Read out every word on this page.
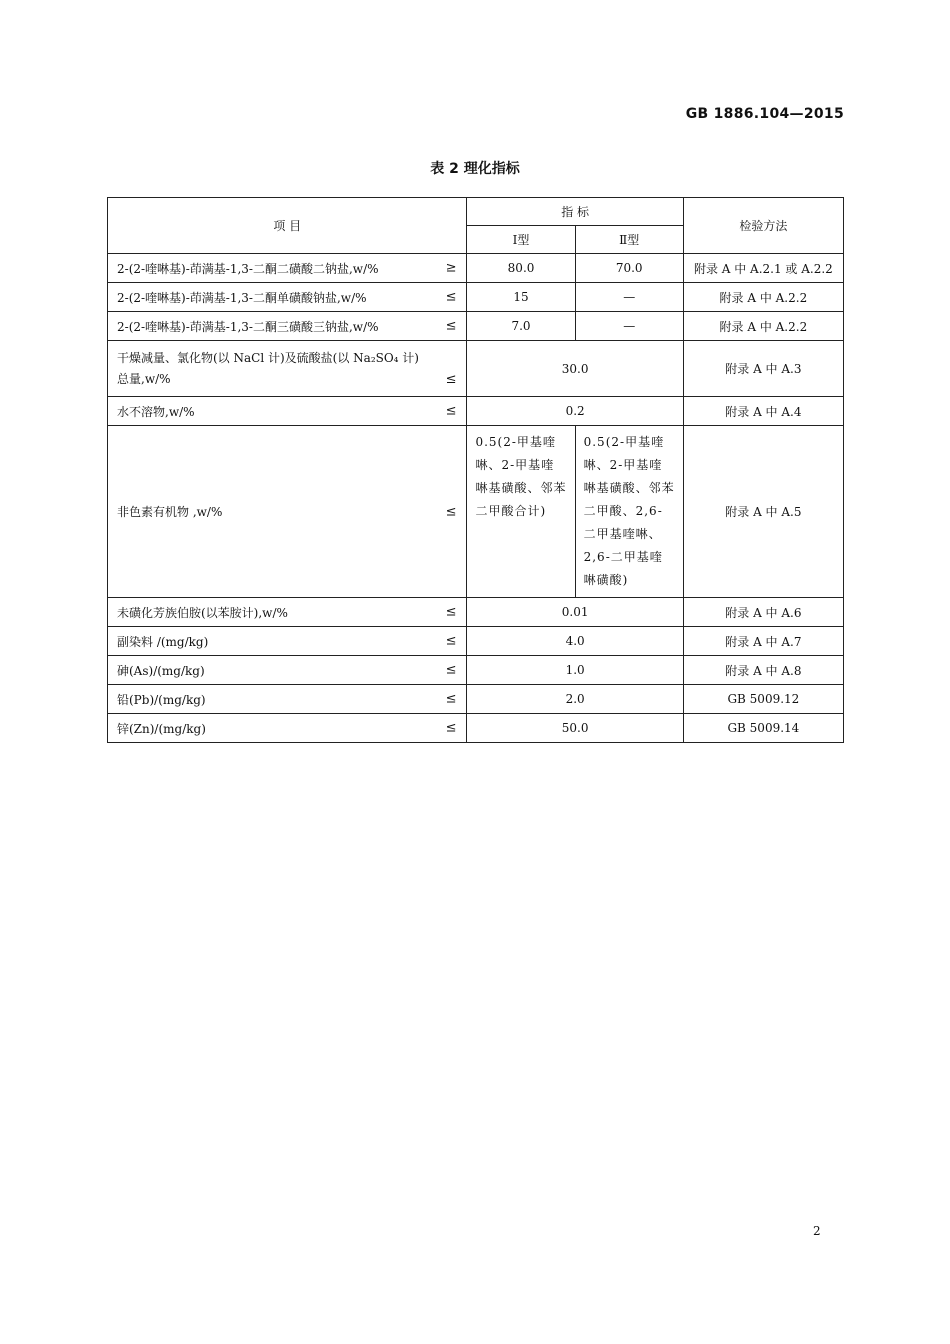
GB 1886.104—2015
表 2 理化指标
项 目	指 标		检验方法
	Ⅰ型	Ⅱ型	
2-(2-喹啉基)-茚满基-1,3-二酮二磺酸二钠盐,w/% ≥	80.0	70.0	附录 A 中 A.2.1 或 A.2.2
2-(2-喹啉基)-茚满基-1,3-二酮单磺酸钠盐,w/% ≤	15	—	附录 A 中 A.2.2
2-(2-喹啉基)-茚满基-1,3-二酮三磺酸三钠盐,w/% ≤	7.0	—	附录 A 中 A.2.2

干燥减量、氯化物(以 NaCl 计)及硫酸盐(以 Na₂SO₄ 计)
总量,w/% ≤	30.0		附录 A 中 A.3
水不溶物,w/% ≤	0.2		附录 A 中 A.4
非色素有机物 ,w/% ≤	0.5(2-甲基喹啉、2-甲基喹啉基磺酸、邻苯二甲酸合计)	0.5(2-甲基喹啉、2-甲基喹啉基磺酸、邻苯二甲酸、2,6-二甲基喹啉、2,6-二甲基喹啉磺酸)	附录 A 中 A.5
未磺化芳族伯胺(以苯胺计),w/% ≤	0.01		附录 A 中 A.6
副染料 /(mg/kg) ≤	4.0		附录 A 中 A.7
砷(As)/(mg/kg) ≤	1.0		附录 A 中 A.8
铅(Pb)/(mg/kg) ≤	2.0		GB 5009.12
锌(Zn)/(mg/kg) ≤	50.0		GB 5009.14
2
